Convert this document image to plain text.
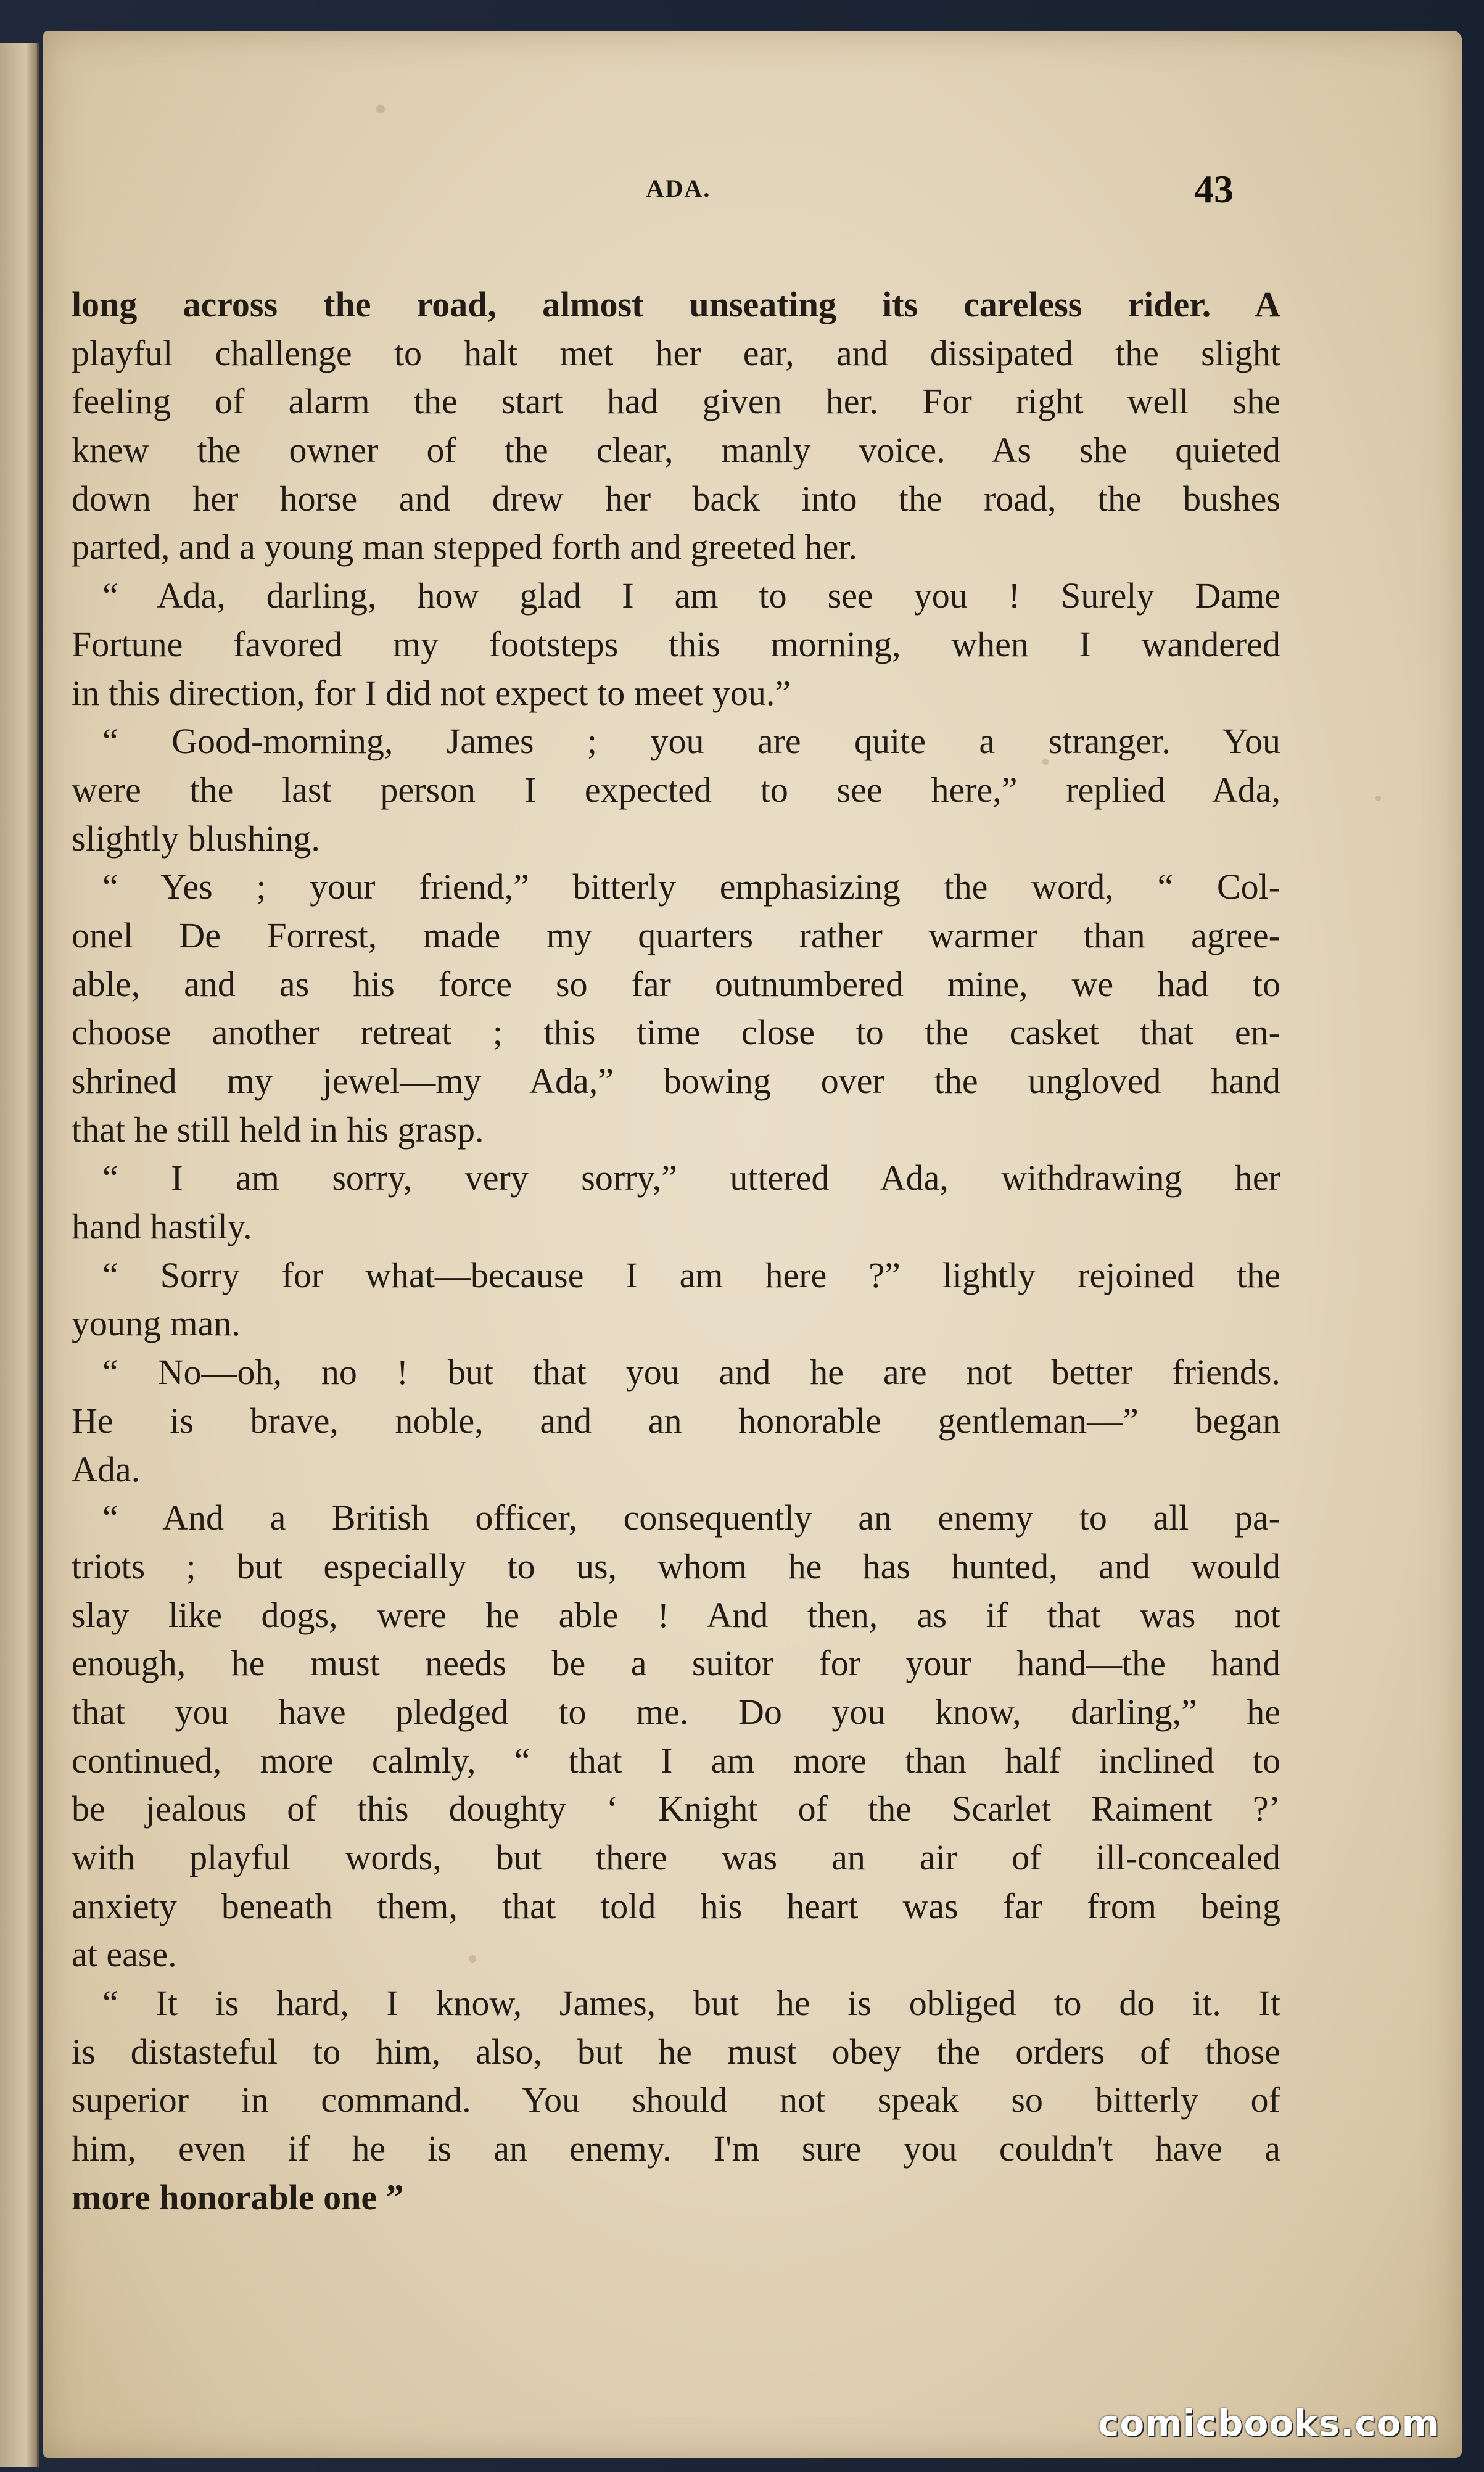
ADA.	43
long across the road, almost unseating its careless rider. A
playful challenge to halt met her ear, and dissipated the slight
feeling of alarm the start had given her. For right well she
knew the owner of the clear, manly voice. As she quieted
down her horse and drew her back into the road, the bushes
parted, and a young man stepped forth and greeted her.
“ Ada, darling, how glad I am to see you ! Surely Dame
Fortune favored my footsteps this morning, when I wandered
in this direction, for I did not expect to meet you.”
“ Good-morning, James ; you are quite a stranger. You
were the last person I expected to see here,” replied Ada,
slightly blushing.
“ Yes ; your friend,” bitterly emphasizing the word, “ Col-
onel De Forrest, made my quarters rather warmer than agree-
able, and as his force so far outnumbered mine, we had to
choose another retreat ; this time close to the casket that en-
shrined my jewel—my Ada,” bowing over the ungloved hand
that he still held in his grasp.
“ I am sorry, very sorry,” uttered Ada, withdrawing her
hand hastily.
“ Sorry for what—because I am here ?” lightly rejoined the
young man.
“ No—oh, no ! but that you and he are not better friends.
He is brave, noble, and an honorable gentleman—” began
Ada.
“ And a British officer, consequently an enemy to all pa-
triots ; but especially to us, whom he has hunted, and would
slay like dogs, were he able ! And then, as if that was not
enough, he must needs be a suitor for your hand—the hand
that you have pledged to me. Do you know, darling,” he
continued, more calmly, “ that I am more than half inclined to
be jealous of this doughty ‘ Knight of the Scarlet Raiment ?’
with playful words, but there was an air of ill-concealed
anxiety beneath them, that told his heart was far from being
at ease.
“ It is hard, I know, James, but he is obliged to do it. It
is distasteful to him, also, but he must obey the orders of those
superior in command. You should not speak so bitterly of
him, even if he is an enemy. I'm sure you couldn't have a
more honorable one ”
comicbooks.com
